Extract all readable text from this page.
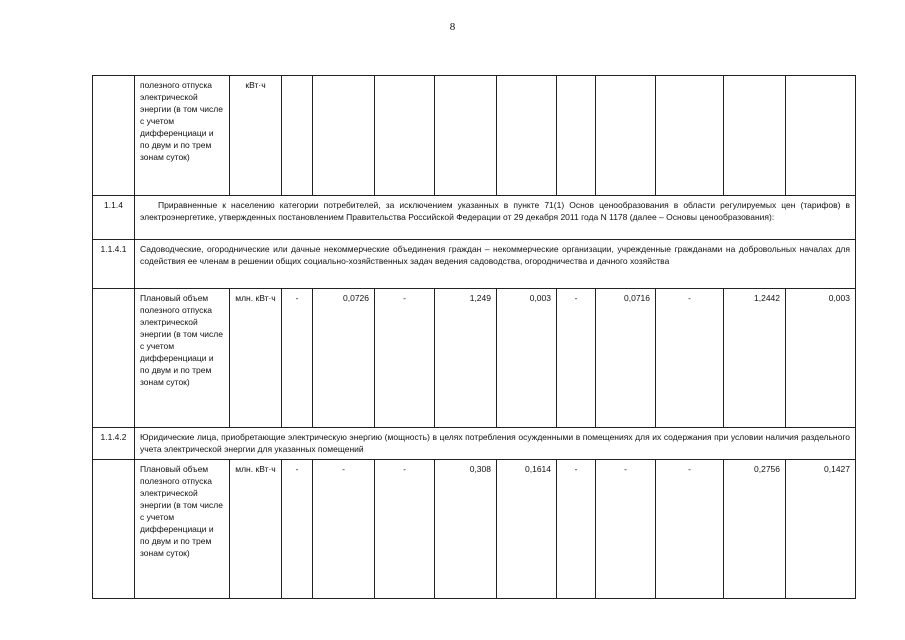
8
	полезного отпуска электрической энергии (в том числе с учетом дифференциаци и по двум и по трем зонам суток)	кВт·ч										
1.1.4	Приравненные к населению категории потребителей, за исключением указанных в пункте 71(1) Основ ценообразования в области регулируемых цен (тарифов) в электроэнергетике, утвержденных постановлением Правительства Российской Федерации от 29 декабря 2011 года N 1178 (далее – Основы ценообразования):											
1.1.4.1	Садоводческие, огороднические или дачные некоммерческие объединения граждан – некоммерческие организации, учрежденные гражданами на добровольных началах для содействия ее членам в решении общих социально-хозяйственных задач ведения садоводства, огородничества и дачного хозяйства											
	Плановый объем полезного отпуска электрической энергии (в том числе с учетом дифференциаци и по двум и по трем зонам суток)	млн. кВт·ч	-	0,0726	-	1,249	0,003	-	0,0716	-	1,2442	0,003
1.1.4.2	Юридические лица, приобретающие электрическую энергию (мощность) в целях потребления осужденными в помещениях для их содержания при условии наличия раздельного учета электрической энергии для указанных помещений											
	Плановый объем полезного отпуска электрической энергии (в том числе с учетом дифференциаци и по двум и по трем зонам суток)	млн. кВт·ч	-	-	-	0,308	0,1614	-	-	-	0,2756	0,1427
